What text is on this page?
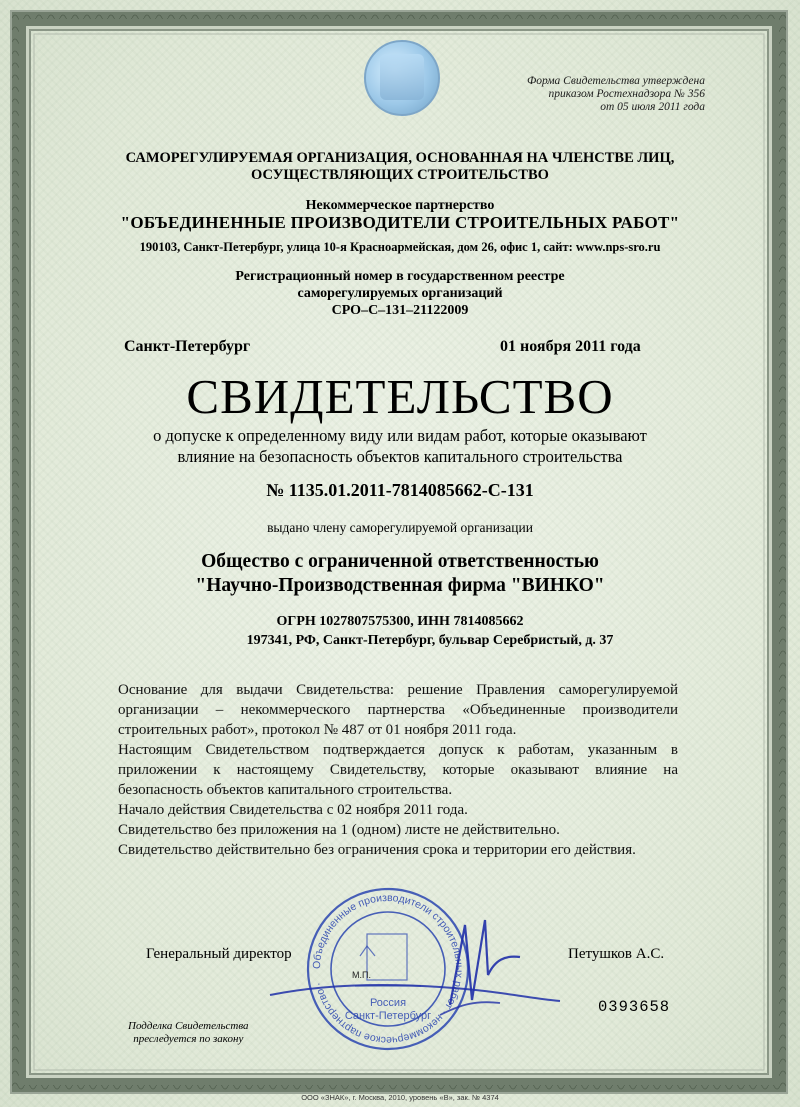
Форма Свидетельства утверждена
приказом Ростехнадзора № 356
от 05 июля 2011 года
САМОРЕГУЛИРУЕМАЯ ОРГАНИЗАЦИЯ, ОСНОВАННАЯ НА ЧЛЕНСТВЕ ЛИЦ,
ОСУЩЕСТВЛЯЮЩИХ СТРОИТЕЛЬСТВО
Некоммерческое партнерство
"ОБЪЕДИНЕННЫЕ ПРОИЗВОДИТЕЛИ СТРОИТЕЛЬНЫХ РАБОТ"
190103, Санкт-Петербург, улица 10-я Красноармейская, дом 26, офис 1, сайт: www.nps-sro.ru
Регистрационный номер в государственном реестре
саморегулируемых организаций
СРО–С–131–21122009
Санкт-Петербург	01 ноября 2011 года
СВИДЕТЕЛЬСТВО
о допуске к определенному виду или видам работ, которые оказывают
влияние на безопасность объектов капитального строительства
№ 1135.01.2011-7814085662-С-131
выдано члену саморегулируемой организации
Общество с ограниченной ответственностью
"Научно-Производственная фирма "ВИНКО"
ОГРН 1027807575300, ИНН 7814085662
197341, РФ, Санкт-Петербург, бульвар Серебристый, д. 37

Основание для выдачи Свидетельства: решение Правления саморегулируемой организации – некоммерческого партнерства «Объединенные производители строительных работ», протокол № 487 от 01 ноября 2011 года.

Настоящим Свидетельством подтверждается допуск к работам, указанным в приложении к настоящему Свидетельству, которые оказывают влияние на безопасность объектов капитального строительства.

Начало действия Свидетельства с 02 ноября 2011 года.

Свидетельство без приложения на 1 (одном) листе не действительно.

Свидетельство действительно без ограничения срока и территории его действия.

Генеральный директор	Петушков А.С.
Объединенные производители строительных работ · некоммерческое партнерство ·
Россия
Санкт-Петербург
М.П.
0393658
Подделка Свидетельства
преследуется по закону
ООО «ЗНАК», г. Москва, 2010, уровень «В», зак. № 4374
